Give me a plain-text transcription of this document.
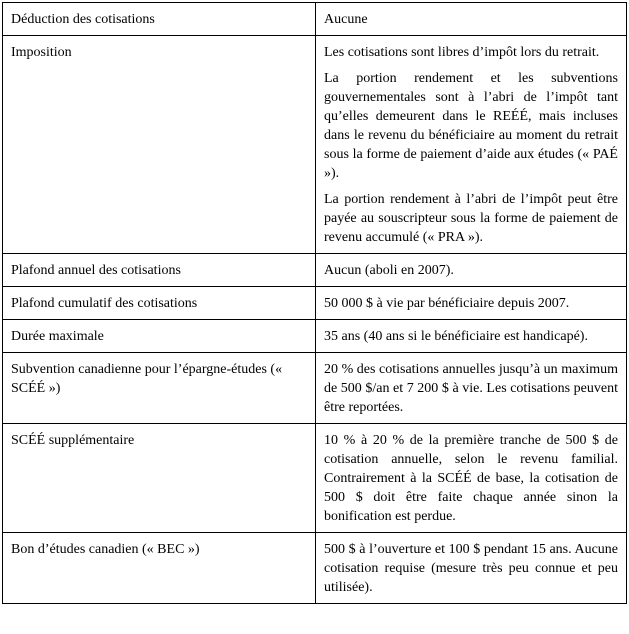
Déduction des cotisations	Aucune

Imposition	Les cotisations sont libres d’impôt lors du retrait.

La portion rendement et les subventions gouvernementales sont à l’abri de l’impôt tant qu’elles demeurent dans le REÉÉ, mais incluses dans le revenu du bénéficiaire au moment du retrait sous la forme de paiement d’aide aux études (« PAÉ »).

La portion rendement à l’abri de l’impôt peut être payée au souscripteur sous la forme de paiement de revenu accumulé (« PRA »).

Plafond annuel des cotisations	Aucun (aboli en 2007).

Plafond cumulatif des cotisations	50 000 $ à vie par bénéficiaire depuis 2007.

Durée maximale	35 ans (40 ans si le bénéficiaire est handicapé).

Subvention canadienne pour l’épargne-études (« SCÉÉ »)	20 % des cotisations annuelles jusqu’à un maximum de 500 $/an et 7 200 $ à vie. Les cotisations peuvent être reportées.

SCÉÉ supplémentaire	10 % à 20 % de la première tranche de 500 $ de cotisation annuelle, selon le revenu familial. Contrairement à la SCÉÉ de base, la cotisation de 500 $ doit être faite chaque année sinon la bonification est perdue.

Bon d’études canadien (« BEC »)	500 $ à l’ouverture et 100 $ pendant 15 ans. Aucune cotisation requise (mesure très peu connue et peu utilisée).
